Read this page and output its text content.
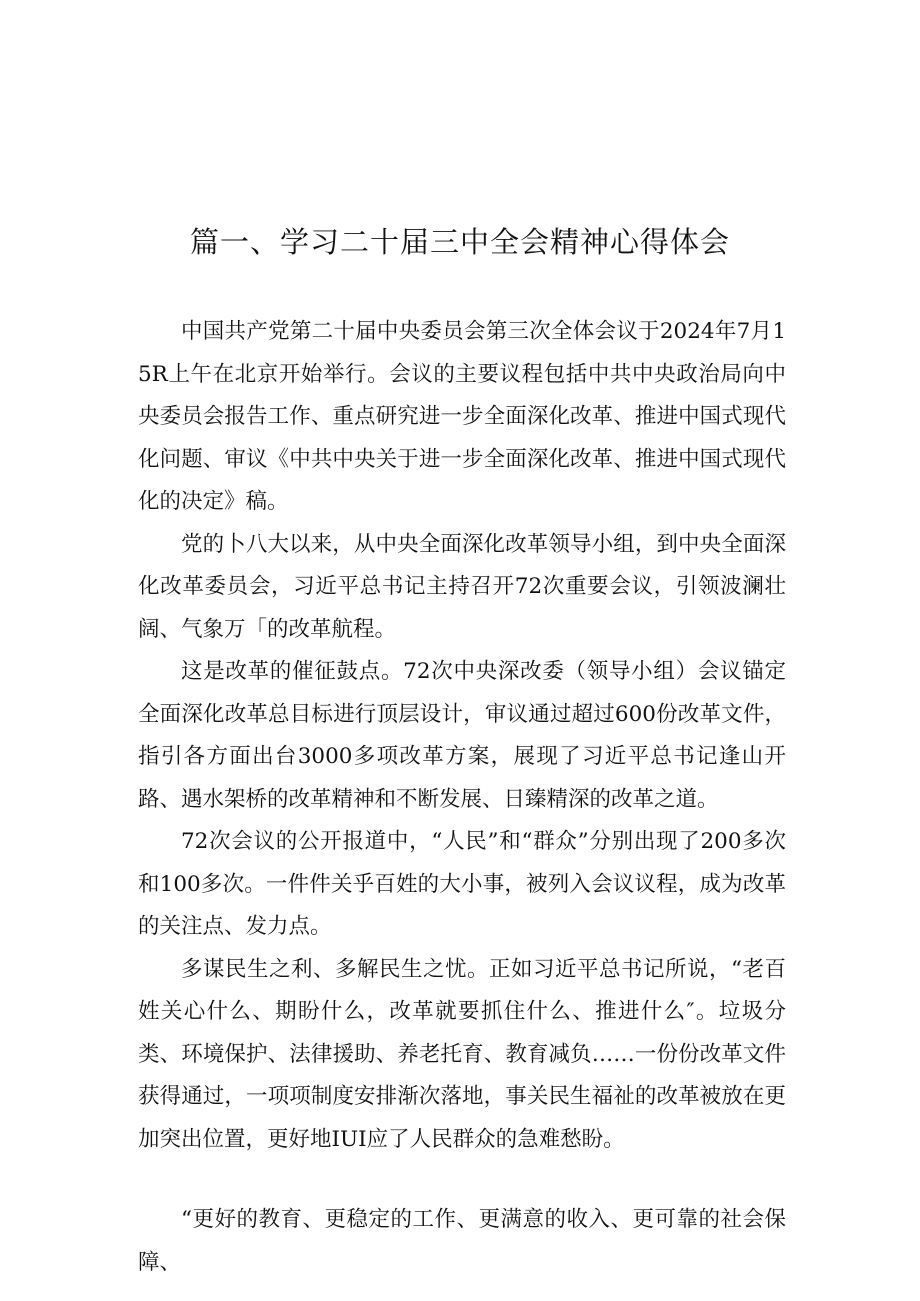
篇一、学习二十届三中全会精神心得体会

中国共产党第二十届中央委员会第三次全体会议于2024年7月15R上午在北京开始举行。会议的主要议程包括中共中央政治局向中央委员会报告工作、重点研究进一步全面深化改革、推进中国式现代化问题、审议《中共中央关于进一步全面深化改革、推进中国式现代化的决定》稿。

党的卜八大以来，从中央全面深化改革领导小组，到中央全面深化改革委员会，习近平总书记主持召开72次重要会议，引领波澜壮阔、气象万「的改革航程。

这是改革的催征鼓点。72次中央深改委（领导小组）会议锚定全面深化改革总目标进行顶层设计，审议通过超过600份改革文件，指引各方面出台3000多项改革方案，展现了习近平总书记逢山开路、遇水架桥的改革精神和不断发展、日臻精深的改革之道。

72次会议的公开报道中，“人民”和“群众”分别出现了200多次和100多次。一件件关乎百姓的大小事，被列入会议议程，成为改革的关注点、发力点。

多谋民生之利、多解民生之忧。正如习近平总书记所说，“老百姓关心什么、期盼什么，改革就要抓住什么、推进什么″。垃圾分类、环境保护、法律援助、养老托育、教育减负……一份份改革文件获得通过，一项项制度安排渐次落地，事关民生福祉的改革被放在更加突出位置，更好地IUI应了人民群众的急难愁盼。

“更好的教育、更稳定的工作、更满意的收入、更可靠的社会保障、
